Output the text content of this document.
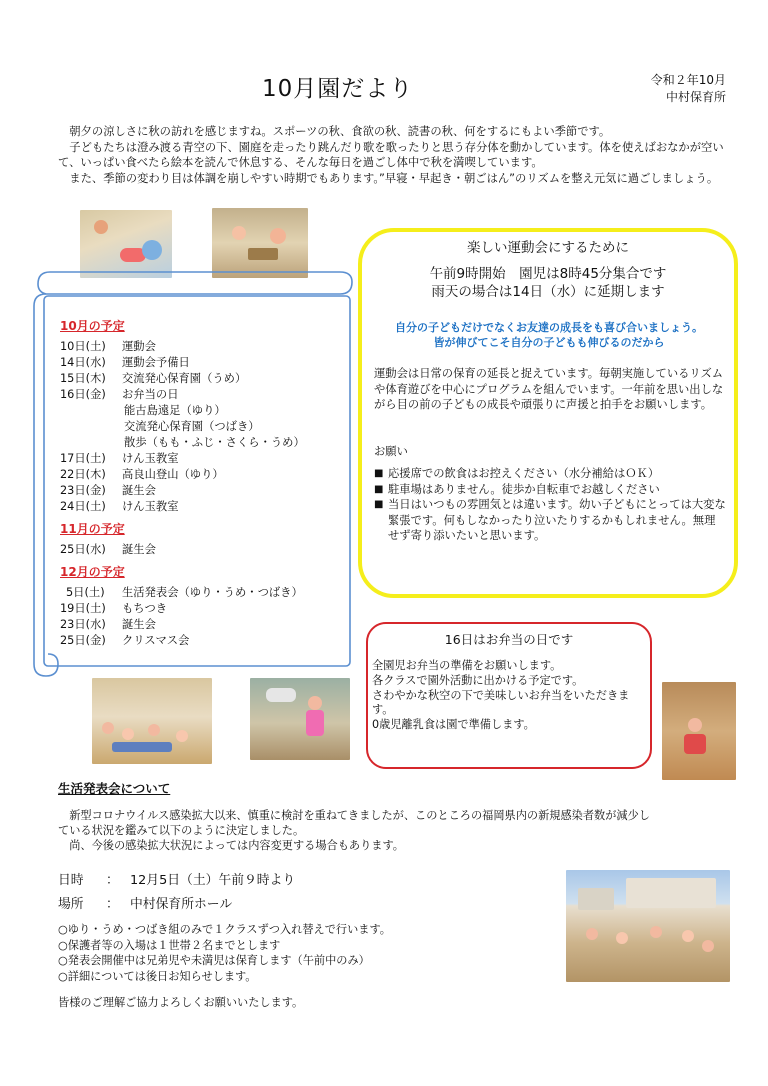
10月園だより	令和２年10月
中村保育所

朝夕の涼しさに秋の訪れを感じますね。スポーツの秋、食欲の秋、読書の秋、何をするにもよい季節です。

子どもたちは澄み渡る青空の下、園庭を走ったり跳んだり歌を歌ったりと思う存分体を動かしています。体を使えばおなかが空いて、いっぱい食べたら絵本を読んで休息する、そんな毎日を過ごし体中で秋を満喫しています。

また、季節の変わり目は体調を崩しやすい時期でもあります。”早寝・早起き・朝ごはん”のリズムを整え元気に過ごしましょう。

10月の予定
10日(土)	運動会
14日(水)	運動会予備日
15日(木)	交流発心保育園（うめ）
16日(金)	お弁当の日
能古島遠足（ゆり）
交流発心保育園（つばき）
散歩（もも・ふじ・さくら・うめ）
17日(土)	けん玉教室
22日(木)	高良山登山（ゆり）
23日(金)	誕生会
24日(土)	けん玉教室
11月の予定
25日(水)	誕生会
12月の予定
5日(土)	生活発表会（ゆり・うめ・つばき）
19日(土)	もちつき
23日(水)	誕生会
25日(金)	クリスマス会
楽しい運動会にするために
午前9時開始　園児は8時45分集合です
雨天の場合は14日（水）に延期します
自分の子どもだけでなくお友達の成長をも喜び合いましょう。
皆が伸びてこそ自分の子どもも伸びるのだから
運動会は日常の保育の延長と捉えています。毎朝実施しているリズムや体育遊びを中心にプログラムを組んでいます。一年前を思い出しながら目の前の子どもの成長や頑張りに声援と拍手をお願いします。
お願い
■ 応援席での飲食はお控えください（水分補給はＯＫ）
■ 駐車場はありません。徒歩か自転車でお越しください
■ 当日はいつもの雰囲気とは違います。幼い子どもにとっては大変な緊張です。何もしなかったり泣いたりするかもしれません。無理せず寄り添いたいと思います。
16日はお弁当の日です
全園児お弁当の準備をお願いします。
各クラスで園外活動に出かける予定です。
さわやかな秋空の下で美味しいお弁当をいただきます。
0歳児離乳食は園で準備します。
生活発表会について

新型コロナウイルス感染拡大以来、慎重に検討を重ねてきましたが、このところの福岡県内の新規感染者数が減少している状況を鑑みて以下のように決定しました。

尚、今後の感染拡大状況によっては内容変更する場合もあります。

日時	： 12月5日（土）午前９時より
場所	： 中村保育所ホール
○ゆり・うめ・つばき組のみで１クラスずつ入れ替えで行います。
○保護者等の入場は１世帯２名までとします
○発表会開催中は兄弟児や未満児は保育します（午前中のみ）
○詳細については後日お知らせします。
皆様のご理解ご協力よろしくお願いいたします。
